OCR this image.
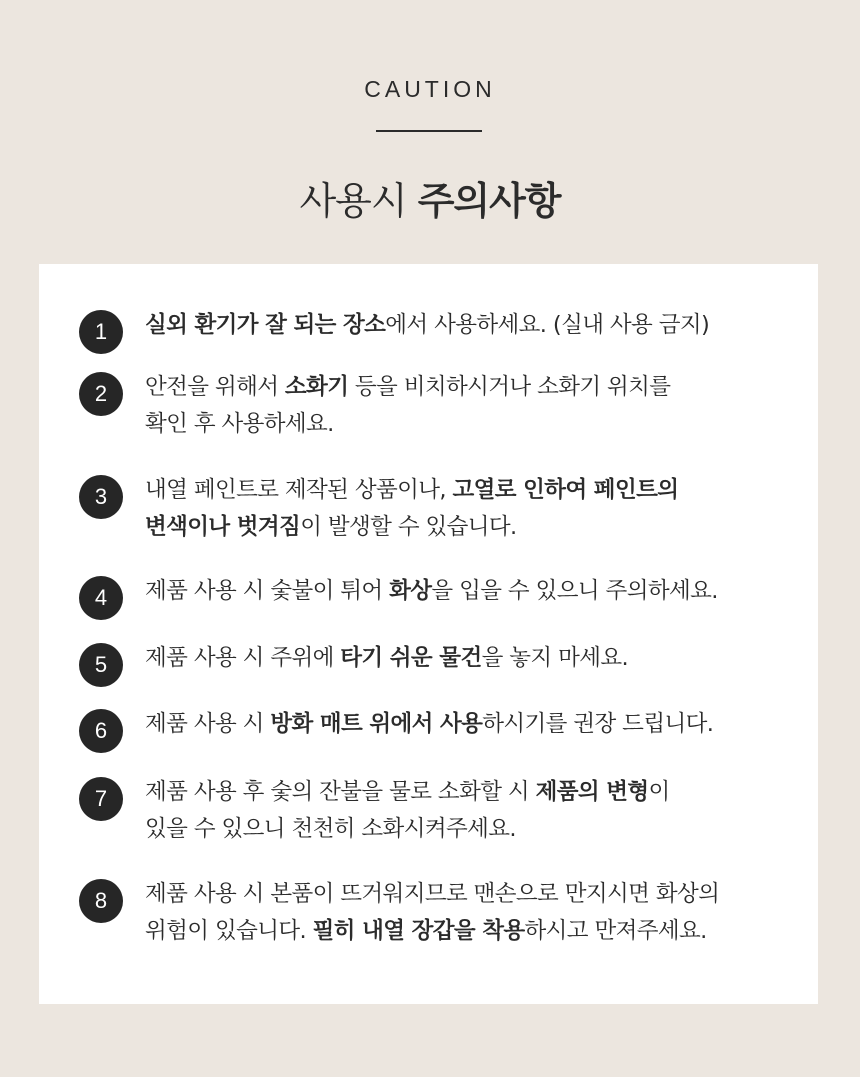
CAUTION
사용시 주의사항
1	실외 환기가 잘 되는 장소에서 사용하세요. (실내 사용 금지)
2	안전을 위해서 소화기 등을 비치하시거나 소화기 위치를
확인 후 사용하세요.
3	내열 페인트로 제작된 상품이나, 고열로 인하여 페인트의
변색이나 벗겨짐이 발생할 수 있습니다.
4	제품 사용 시 숯불이 튀어 화상을 입을 수 있으니 주의하세요.
5	제품 사용 시 주위에 타기 쉬운 물건을 놓지 마세요.
6	제품 사용 시 방화 매트 위에서 사용하시기를 권장 드립니다.
7	제품 사용 후 숯의 잔불을 물로 소화할 시 제품의 변형이
있을 수 있으니 천천히 소화시켜주세요.
8	제품 사용 시 본품이 뜨거워지므로 맨손으로 만지시면 화상의
위험이 있습니다. 필히 내열 장갑을 착용하시고 만져주세요.
